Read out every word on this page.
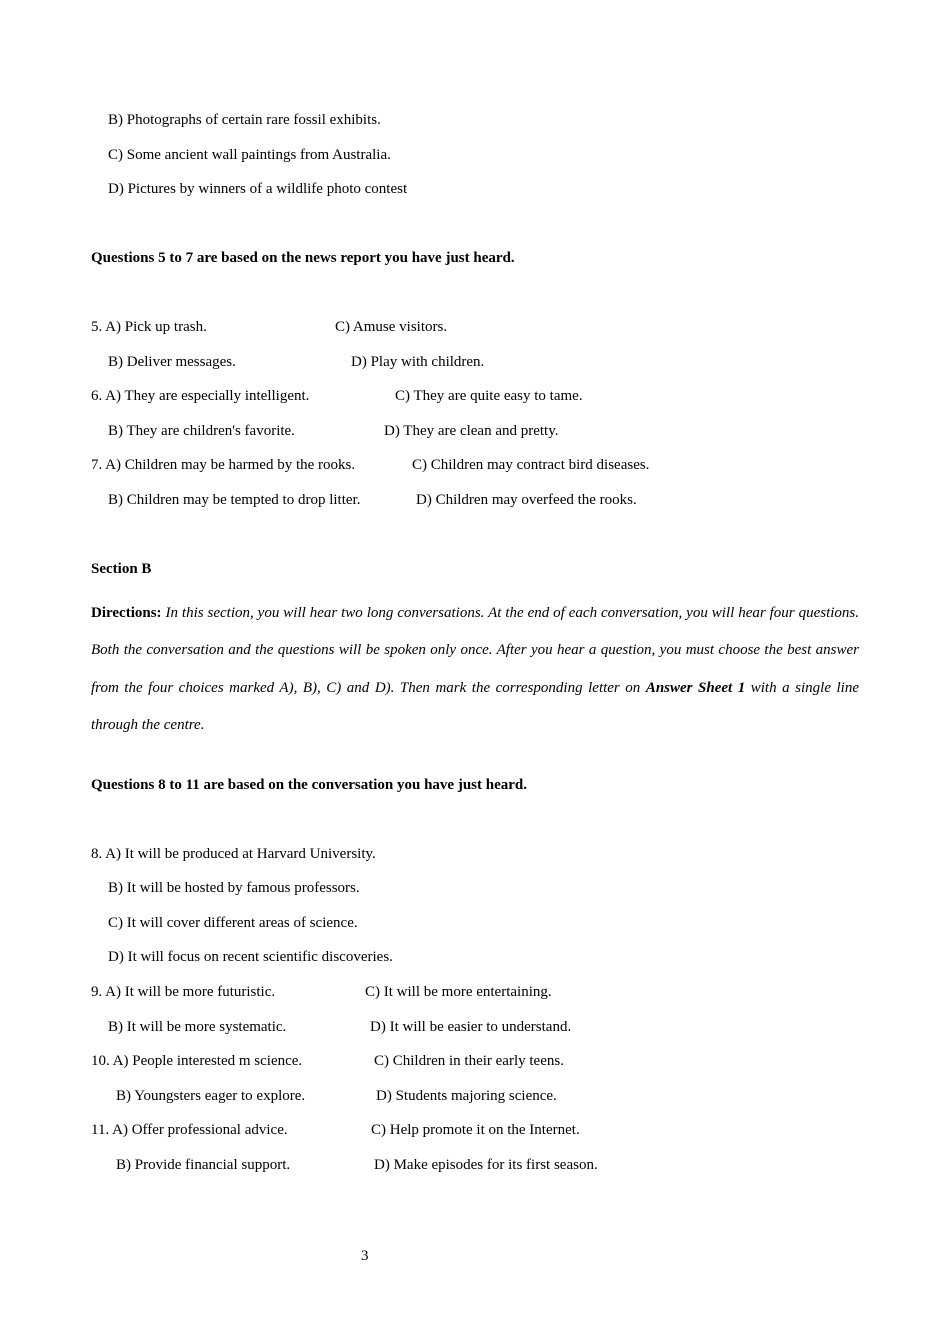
B) Photographs of certain rare fossil exhibits.
C) Some ancient wall paintings from Australia.
D) Pictures by winners of a wildlife photo contest
Questions 5 to 7 are based on the news report you have just heard.
5. A) Pick up trash.	C) Amuse visitors.
B) Deliver messages.	D) Play with children.
6. A) They are especially intelligent.	C) They are quite easy to tame.
B) They are children's favorite.	D) They are clean and pretty.
7. A) Children may be harmed by the rooks.	C) Children may contract bird diseases.
B) Children may be tempted to drop litter.	D) Children may overfeed the rooks.
Section B
Directions: In this section, you will hear two long conversations. At the end of each conversation, you will hear four questions. Both the conversation and the questions will be spoken only once. After you hear a question, you must choose the best answer from the four choices marked A), B), C) and D). Then mark the corresponding letter on Answer Sheet 1 with a single line through the centre.
Questions 8 to 11 are based on the conversation you have just heard.
8. A) It will be produced at Harvard University.
B) It will be hosted by famous professors.
C) It will cover different areas of science.
D) It will focus on recent scientific discoveries.
9. A) It will be more futuristic.	C) It will be more entertaining.
B) It will be more systematic.	D) It will be easier to understand.
10. A) People interested m science.	C) Children in their early teens.
B) Youngsters eager to explore.	D) Students majoring science.
11. A) Offer professional advice.	C) Help promote it on the Internet.
B) Provide financial support.	D) Make episodes for its first season.
3
